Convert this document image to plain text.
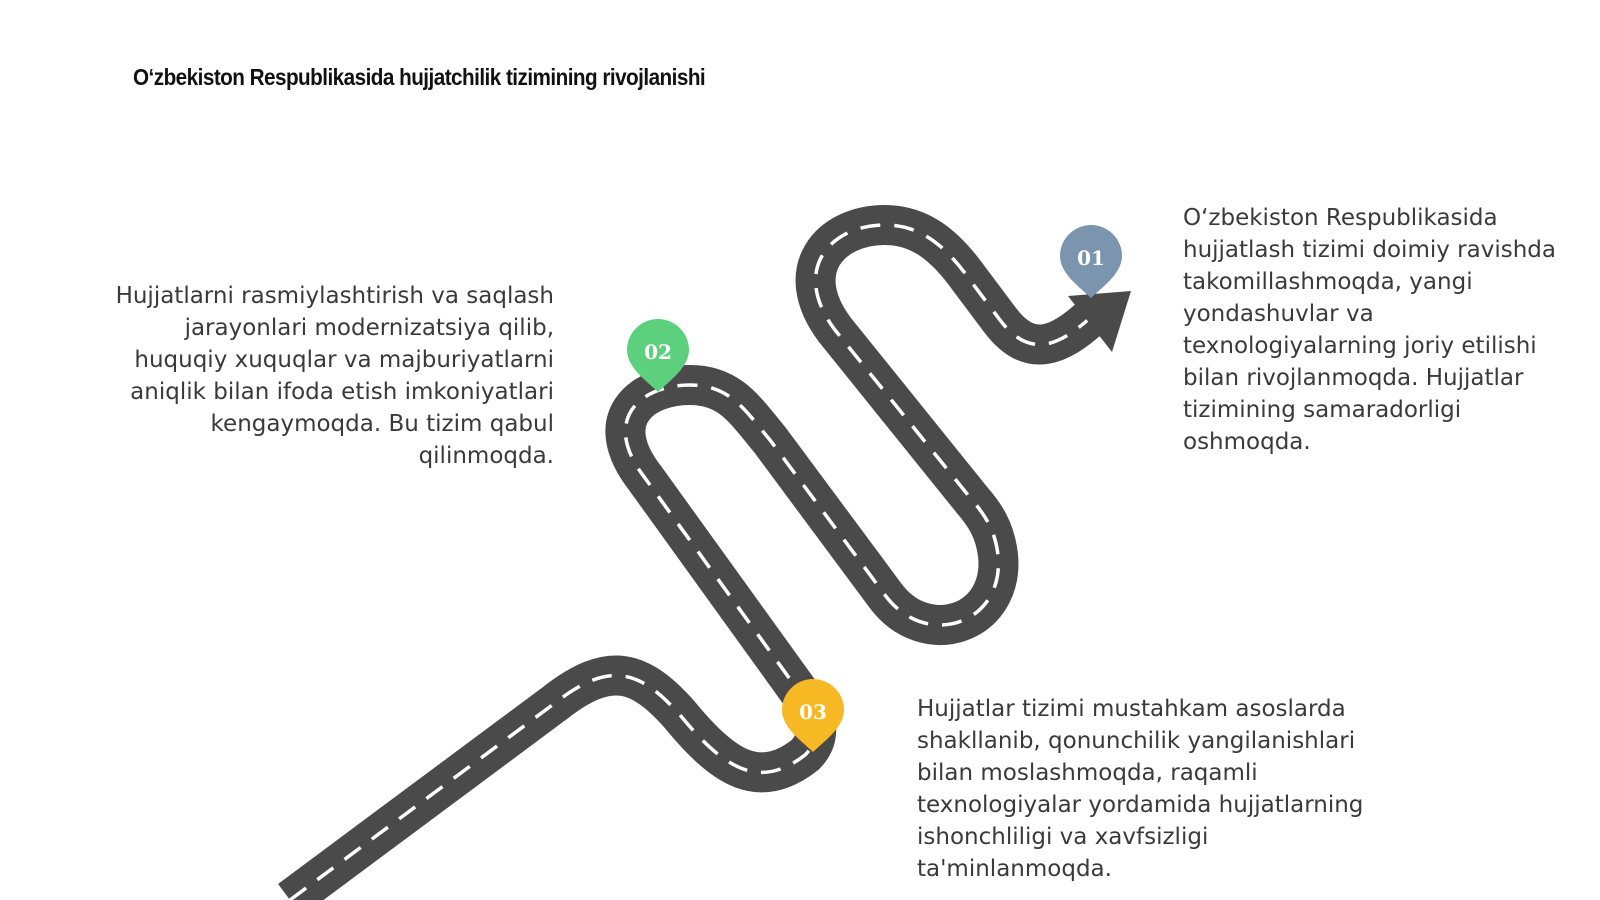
O‘zbekiston Respublikasida hujjatchilik tizimining rivojlanishi
01
02
03

O‘zbekiston Respublikasida hujjatlash tizimi doimiy ravishda takomillashmoqda, yangi yondashuvlar va texnologiyalarning joriy etilishi bilan rivojlanmoqda. Hujjatlar tizimining samaradorligi oshmoqda.

Hujjatlarni rasmiylashtirish va saqlash jarayonlari modernizatsiya qilib, huquqiy xuquqlar va majburiyatlarni aniqlik bilan ifoda etish imkoniyatlari kengaymoqda. Bu tizim qabul qilinmoqda.

Hujjatlar tizimi mustahkam asoslarda shakllanib, qonunchilik yangilanishlari bilan moslashmoqda, raqamli texnologiyalar yordamida hujjatlarning ishonchliligi va xavfsizligi ta'minlanmoqda.
